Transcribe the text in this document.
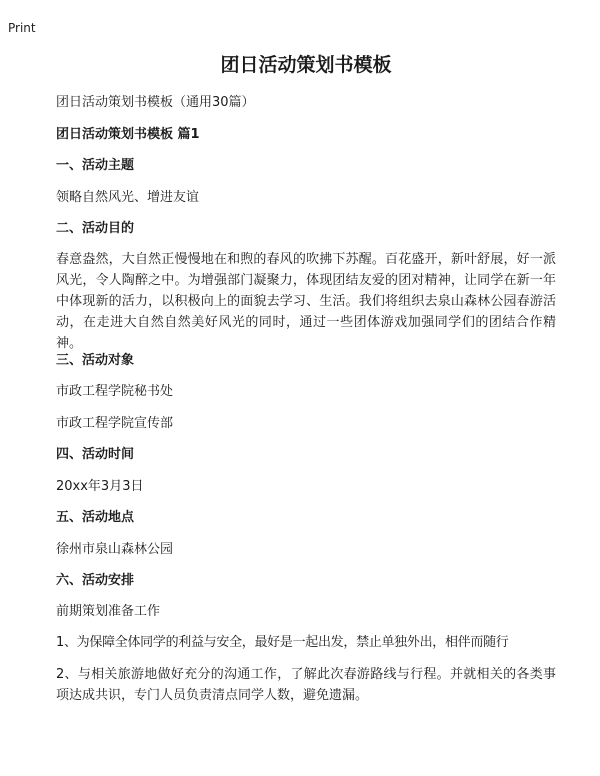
Print
团日活动策划书模板

团日活动策划书模板（通用30篇）

团日活动策划书模板 篇1

一、活动主题

领略自然风光、增进友谊

二、活动目的

春意盎然，大自然正慢慢地在和煦的春风的吹拂下苏醒。百花盛开，新叶舒展，好一派风光，令人陶醉之中。为增强部门凝聚力，体现团结友爱的团对精神，让同学在新一年中体现新的活力，以积极向上的面貌去学习、生活。我们将组织去泉山森林公园春游活动，在走进大自然自然美好风光的同时，通过一些团体游戏加强同学们的团结合作精神。

三、活动对象

市政工程学院秘书处

市政工程学院宣传部

四、活动时间

20xx年3月3日

五、活动地点

徐州市泉山森林公园

六、活动安排

前期策划准备工作

1、为保障全体同学的利益与安全，最好是一起出发，禁止单独外出，相伴而随行

2、与相关旅游地做好充分的沟通工作，了解此次春游路线与行程。并就相关的各类事项达成共识，专门人员负责清点同学人数，避免遗漏。
